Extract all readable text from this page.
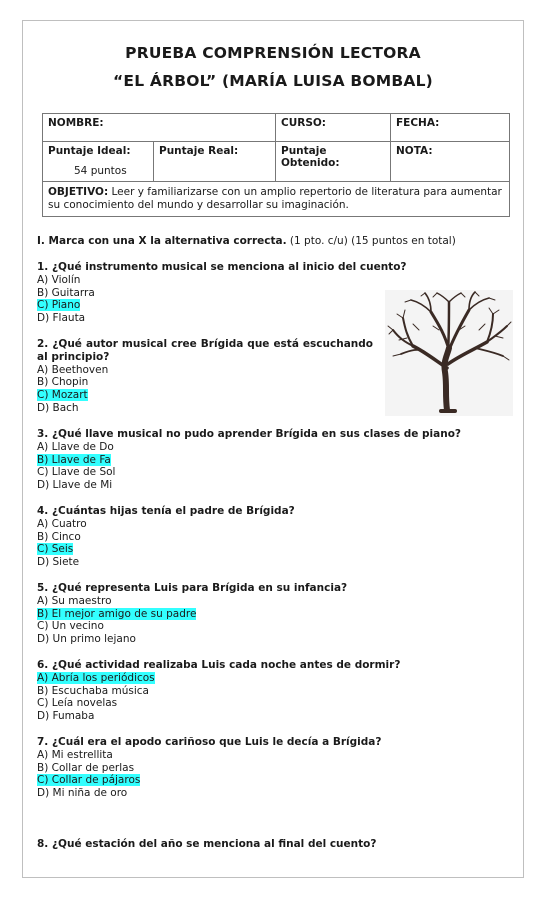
PRUEBA COMPRENSIÓN LECTORA
“EL ÁRBOL” (MARÍA LUISA BOMBAL)
NOMBRE:		CURSO:	FECHA:

Puntaje Ideal:
54 puntos	Puntaje Real:	Puntaje Obtenido:	NOTA:
OBJETIVO: Leer y familiarizarse con un amplio repertorio de literatura para aumentar su conocimiento del mundo y desarrollar su imaginación.			
I. Marca con una X la alternativa correcta. (1 pto. c/u) (15 puntos en total)
1. ¿Qué instrumento musical se menciona al inicio del cuento?
A) Violín
B) Guitarra
C) Piano
D) Flauta
2. ¿Qué autor musical cree Brígida que está escuchando al principio?
A) Beethoven
B) Chopin
C) Mozart
D) Bach
3. ¿Qué llave musical no pudo aprender Brígida en sus clases de piano?
A) Llave de Do
B) Llave de Fa
C) Llave de Sol
D) Llave de Mi
4. ¿Cuántas hijas tenía el padre de Brígida?
A) Cuatro
B) Cinco
C) Seis
D) Siete
5. ¿Qué representa Luis para Brígida en su infancia?
A) Su maestro
B) El mejor amigo de su padre
C) Un vecino
D) Un primo lejano
6. ¿Qué actividad realizaba Luis cada noche antes de dormir?
A) Abría los periódicos
B) Escuchaba música
C) Leía novelas
D) Fumaba
7. ¿Cuál era el apodo cariñoso que Luis le decía a Brígida?
A) Mi estrellita
B) Collar de perlas
C) Collar de pájaros
D) Mi niña de oro
8. ¿Qué estación del año se menciona al final del cuento?
